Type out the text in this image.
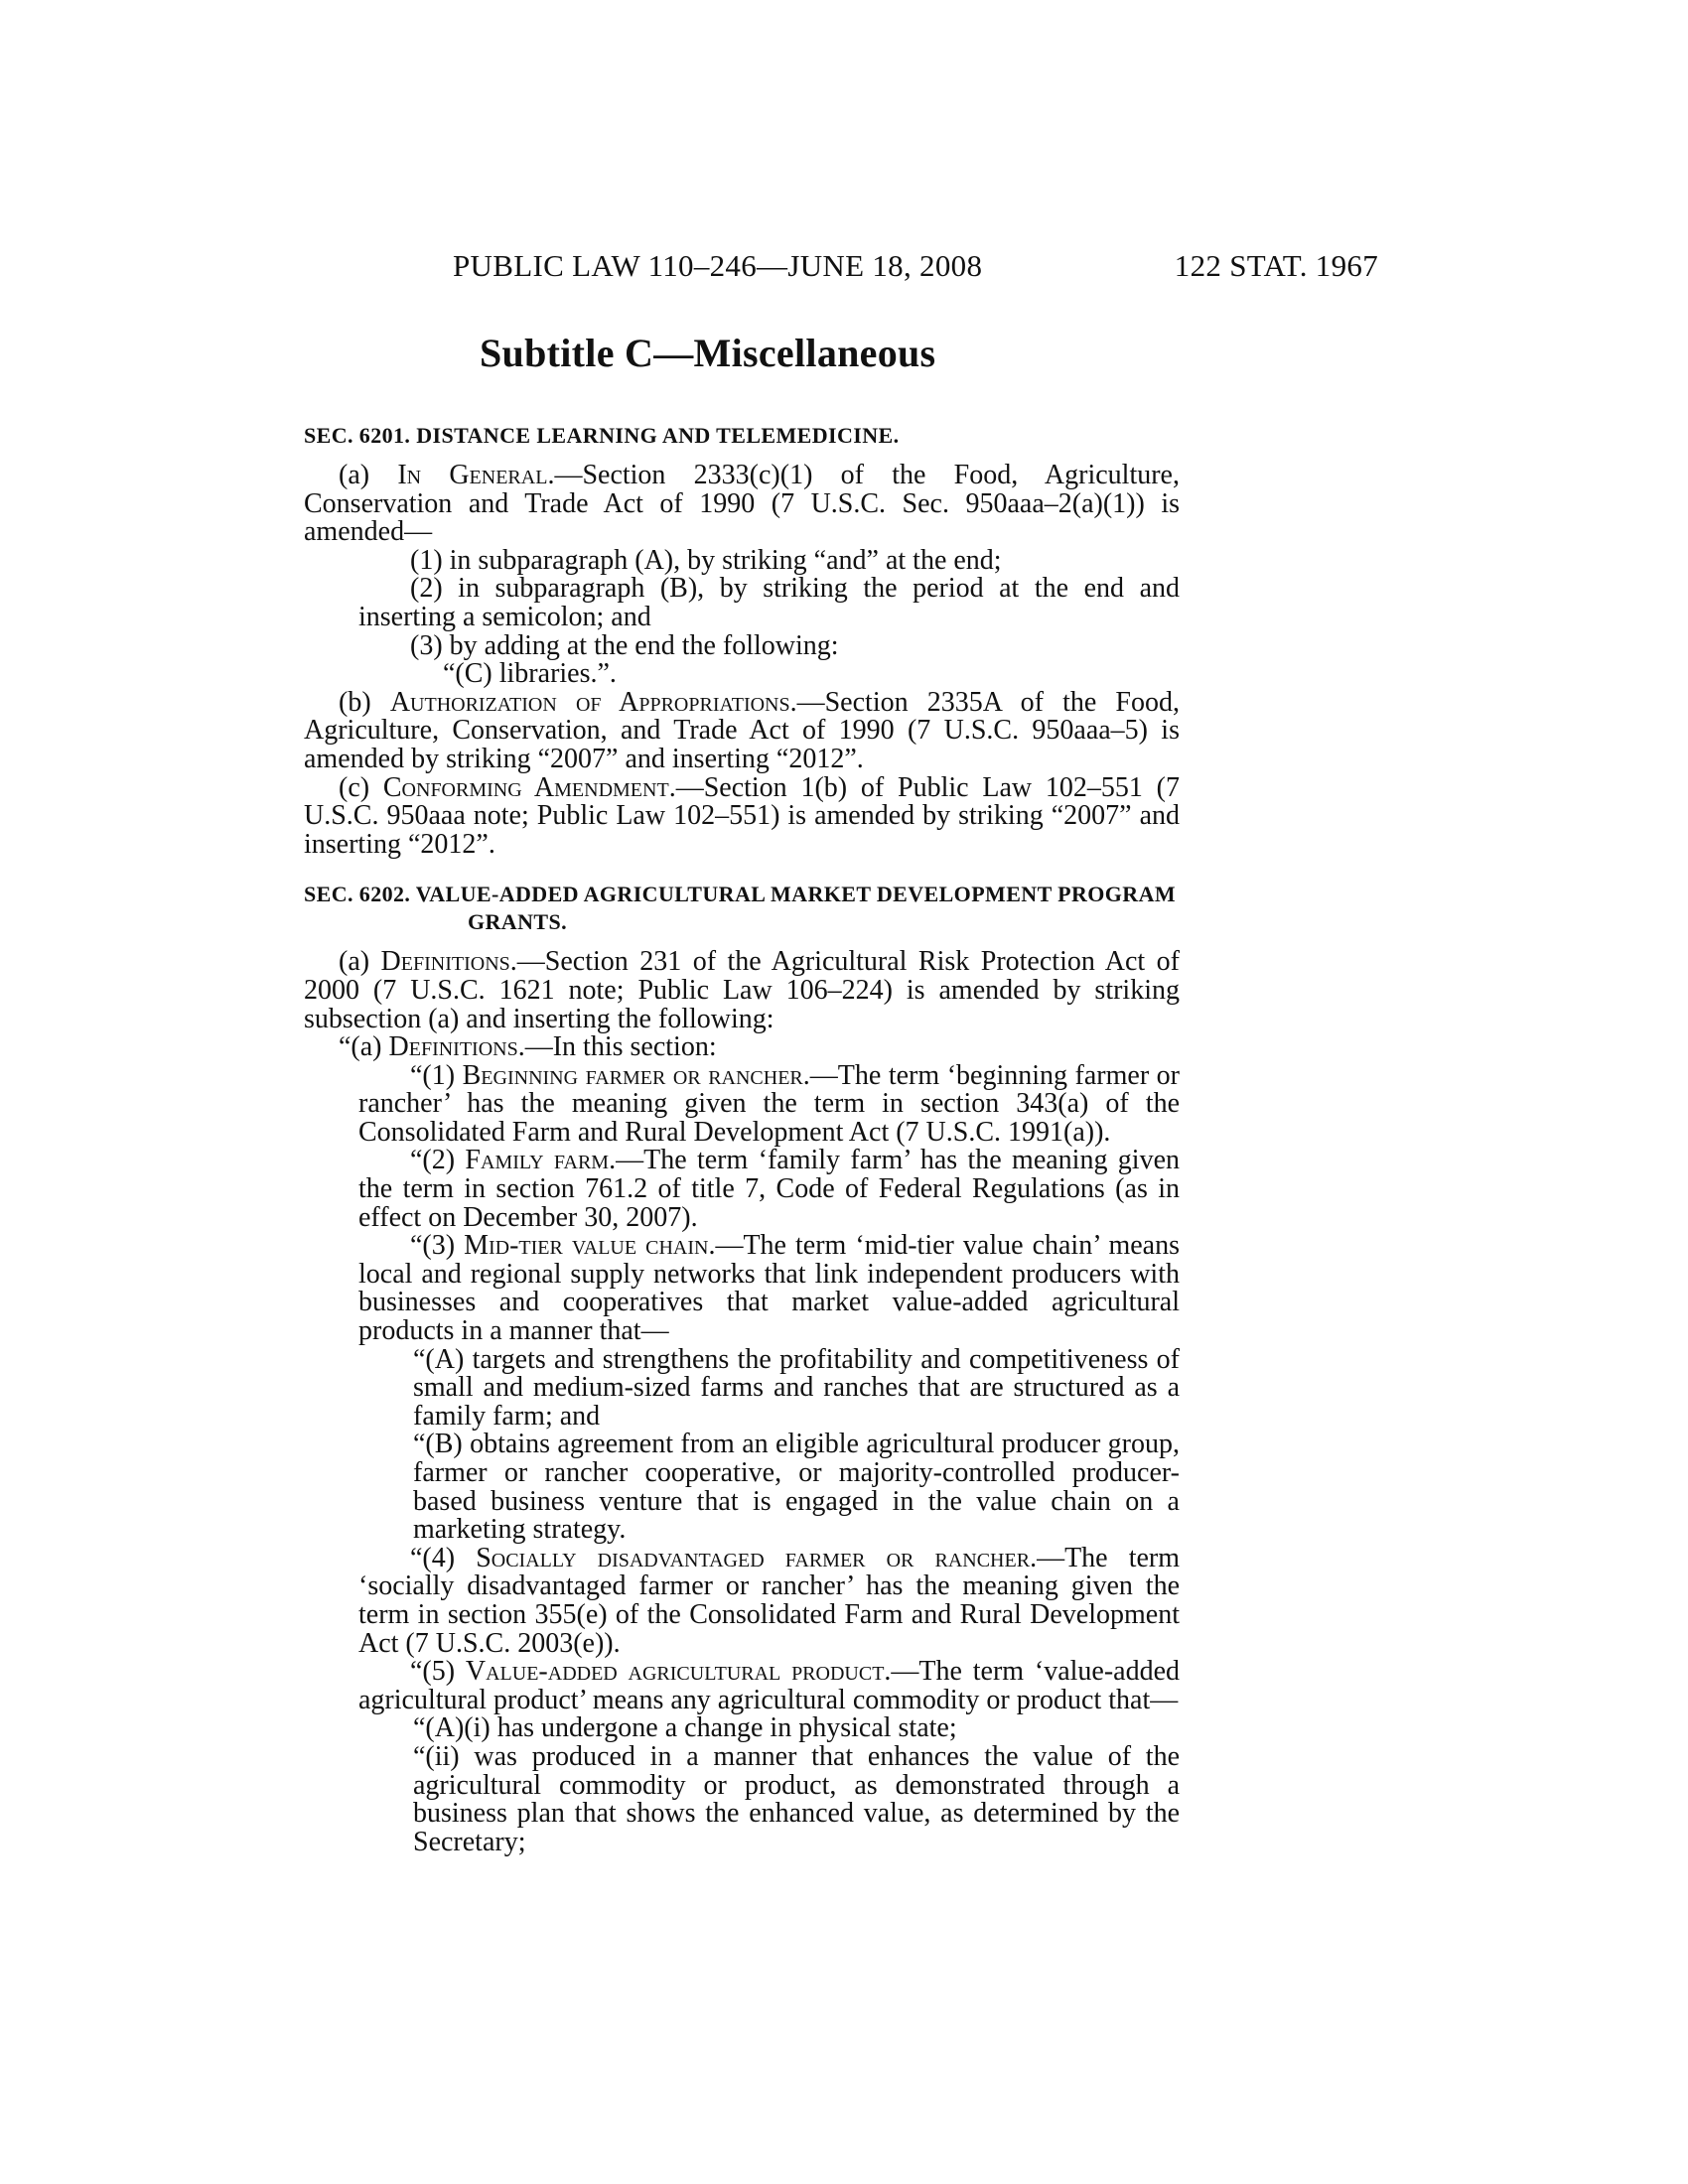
PUBLIC LAW 110–246—JUNE 18, 2008	122 STAT. 1967
Subtitle C—Miscellaneous
SEC. 6201. DISTANCE LEARNING AND TELEMEDICINE.

(a) In General.—Section 2333(c)(1) of the Food, Agriculture, Conservation and Trade Act of 1990 (7 U.S.C. Sec. 950aaa–2(a)(1)) is amended—

(1) in subparagraph (A), by striking “and” at the end;

(2) in subparagraph (B), by striking the period at the end and inserting a semicolon; and

(3) by adding at the end the following:

“(C) libraries.”.

(b) Authorization of Appropriations.—Section 2335A of the Food, Agriculture, Conservation, and Trade Act of 1990 (7 U.S.C. 950aaa–5) is amended by striking “2007” and inserting “2012”.

(c) Conforming Amendment.—Section 1(b) of Public Law 102–551 (7 U.S.C. 950aaa note; Public Law 102–551) is amended by striking “2007” and inserting “2012”.

SEC. 6202. VALUE-ADDED AGRICULTURAL MARKET DEVELOPMENT PROGRAM GRANTS.

(a) Definitions.—Section 231 of the Agricultural Risk Protection Act of 2000 (7 U.S.C. 1621 note; Public Law 106–224) is amended by striking subsection (a) and inserting the following:

“(a) Definitions.—In this section:

“(1) Beginning farmer or rancher.—The term ‘beginning farmer or rancher’ has the meaning given the term in section 343(a) of the Consolidated Farm and Rural Development Act (7 U.S.C. 1991(a)).

“(2) Family farm.—The term ‘family farm’ has the meaning given the term in section 761.2 of title 7, Code of Federal Regulations (as in effect on December 30, 2007).

“(3) Mid-tier value chain.—The term ‘mid-tier value chain’ means local and regional supply networks that link independent producers with businesses and cooperatives that market value-added agricultural products in a manner that—

“(A) targets and strengthens the profitability and competitiveness of small and medium-sized farms and ranches that are structured as a family farm; and

“(B) obtains agreement from an eligible agricultural producer group, farmer or rancher cooperative, or majority-controlled producer-based business venture that is engaged in the value chain on a marketing strategy.

“(4) Socially disadvantaged farmer or rancher.—The term ‘socially disadvantaged farmer or rancher’ has the meaning given the term in section 355(e) of the Consolidated Farm and Rural Development Act (7 U.S.C. 2003(e)).

“(5) Value-added agricultural product.—The term ‘value-added agricultural product’ means any agricultural commodity or product that—

“(A)(i) has undergone a change in physical state;

“(ii) was produced in a manner that enhances the value of the agricultural commodity or product, as demonstrated through a business plan that shows the enhanced value, as determined by the Secretary;
